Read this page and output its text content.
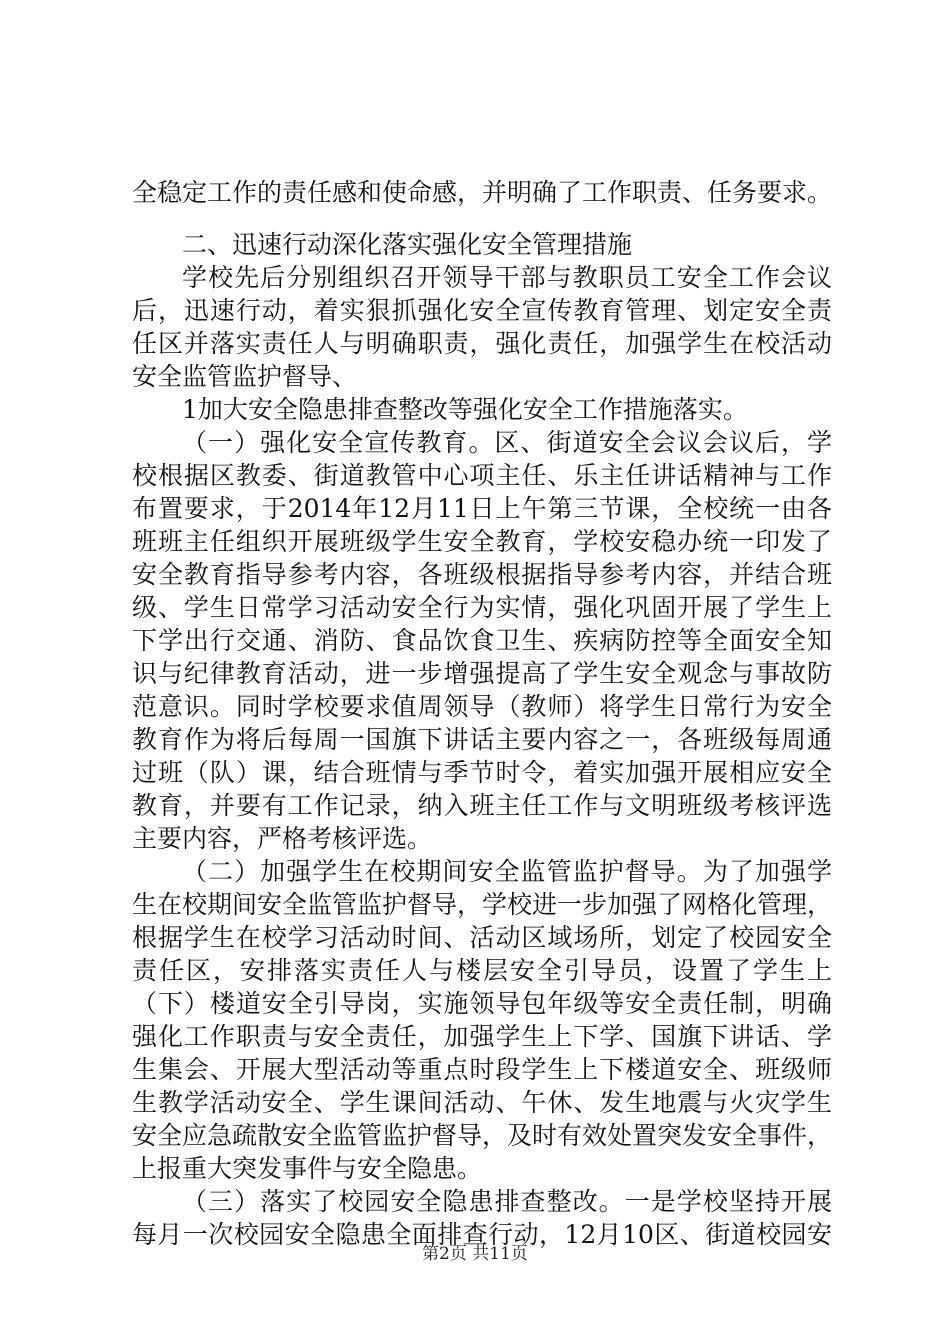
全稳定工作的责任感和使命感，并明确了工作职责、任务要求。
二、迅速行动深化落实强化安全管理措施
学校先后分别组织召开领导干部与教职员工安全工作会议
后，迅速行动，着实狠抓强化安全宣传教育管理、划定安全责
任区并落实责任人与明确职责，强化责任，加强学生在校活动
安全监管监护督导、
1加大安全隐患排查整改等强化安全工作措施落实。
（一）强化安全宣传教育。区、街道安全会议会议后，学
校根据区教委、街道教管中心项主任、乐主任讲话精神与工作
布置要求，于2014年12月11日上午第三节课，全校统一由各
班班主任组织开展班级学生安全教育，学校安稳办统一印发了
安全教育指导参考内容，各班级根据指导参考内容，并结合班
级、学生日常学习活动安全行为实情，强化巩固开展了学生上
下学出行交通、消防、食品饮食卫生、疾病防控等全面安全知
识与纪律教育活动，进一步增强提高了学生安全观念与事故防
范意识。同时学校要求值周领导（教师）将学生日常行为安全
教育作为将后每周一国旗下讲话主要内容之一，各班级每周通
过班（队）课，结合班情与季节时令，着实加强开展相应安全
教育，并要有工作记录，纳入班主任工作与文明班级考核评选
主要内容，严格考核评选。
（二）加强学生在校期间安全监管监护督导。为了加强学
生在校期间安全监管监护督导，学校进一步加强了网格化管理，
根据学生在校学习活动时间、活动区域场所，划定了校园安全
责任区，安排落实责任人与楼层安全引导员，设置了学生上
（下）楼道安全引导岗，实施领导包年级等安全责任制，明确
强化工作职责与安全责任，加强学生上下学、国旗下讲话、学
生集会、开展大型活动等重点时段学生上下楼道安全、班级师
生教学活动安全、学生课间活动、午休、发生地震与火灾学生
安全应急疏散安全监管监护督导，及时有效处置突发安全事件，
上报重大突发事件与安全隐患。
（三）落实了校园安全隐患排查整改。一是学校坚持开展
每月一次校园安全隐患全面排查行动，12月10区、街道校园安
第2页 共11页
